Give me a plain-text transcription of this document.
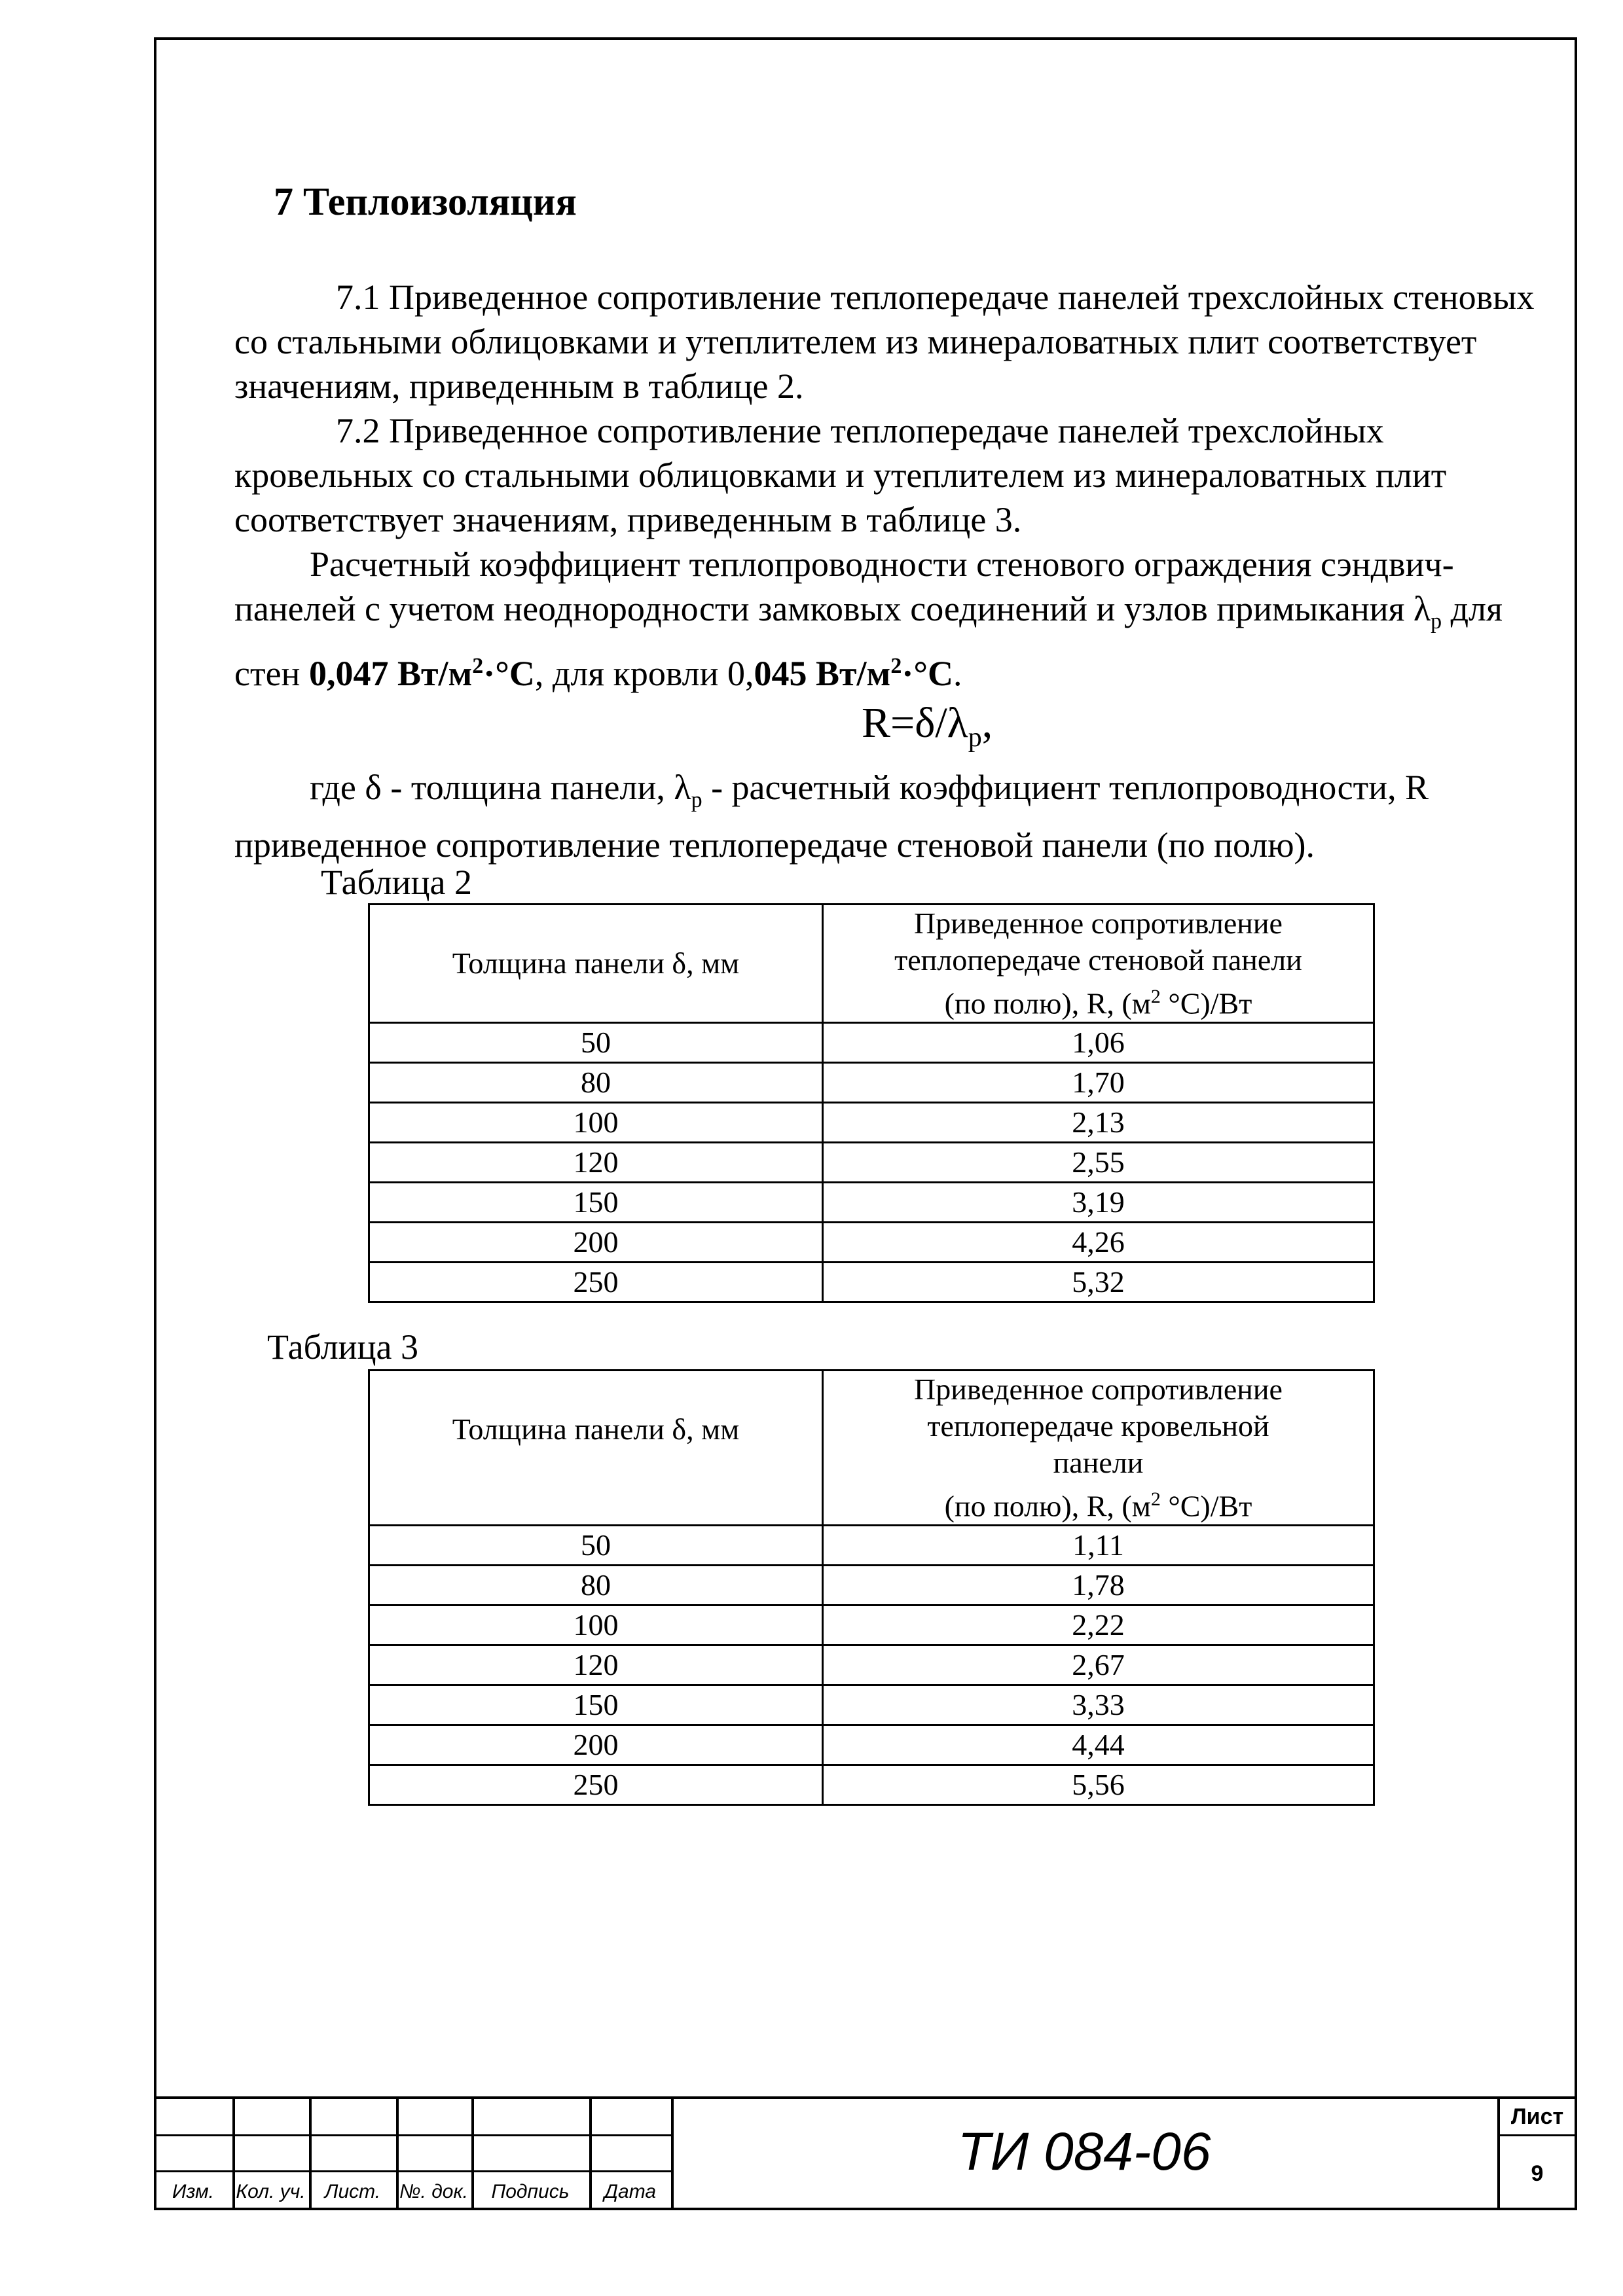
7 Теплоизоляция

7.1 Приведенное сопротивление теплопередаче панелей трехслойных стеновых со стальными облицовками и утеплителем из минераловатных плит соответствует значениям, приведенным в таблице 2.

7.2 Приведенное сопротивление теплопередаче панелей трехслойных кровельных со стальными облицовками и утеплителем из минераловатных плит соответствует значениям, приведенным в таблице 3.

Расчетный коэффициент теплопроводности стенового ограждения сэндвич-панелей с учетом неоднородности замковых соединений и узлов примыкания $\lambda_р$ для стен 0,047 $Вт/м^2\cdot^\circ С$, для кровли 0,045 $Вт/м^2\cdot^\circ С$.

$R=\delta/\lambda_р$,

где δ - толщина панели, $\lambda_р$ - расчетный коэффициент теплопроводности, R приведенное сопротивление теплопередаче стеновой панели (по полю).

Таблица 2
Толщина панели δ, мм	Приведенное сопротивление
теплопередаче стеновой панели
(по полю), R, ($м^2$ °С)/Вт

50	1,06
80	1,70
100	2,13
120	2,55
150	3,19
200	4,26
250	5,32
Таблица 3
Толщина панели δ, мм	Приведенное сопротивление
теплопередаче кровельной
панели
(по полю), R, ($м^2$ °С)/Вт

50	1,11
80	1,78
100	2,22
120	2,67
150	3,33
200	4,44
250	5,56
Изм.	Кол. уч. Лист. №. док.	Подпись	Дата
ТИ 084-06
Лист
9
